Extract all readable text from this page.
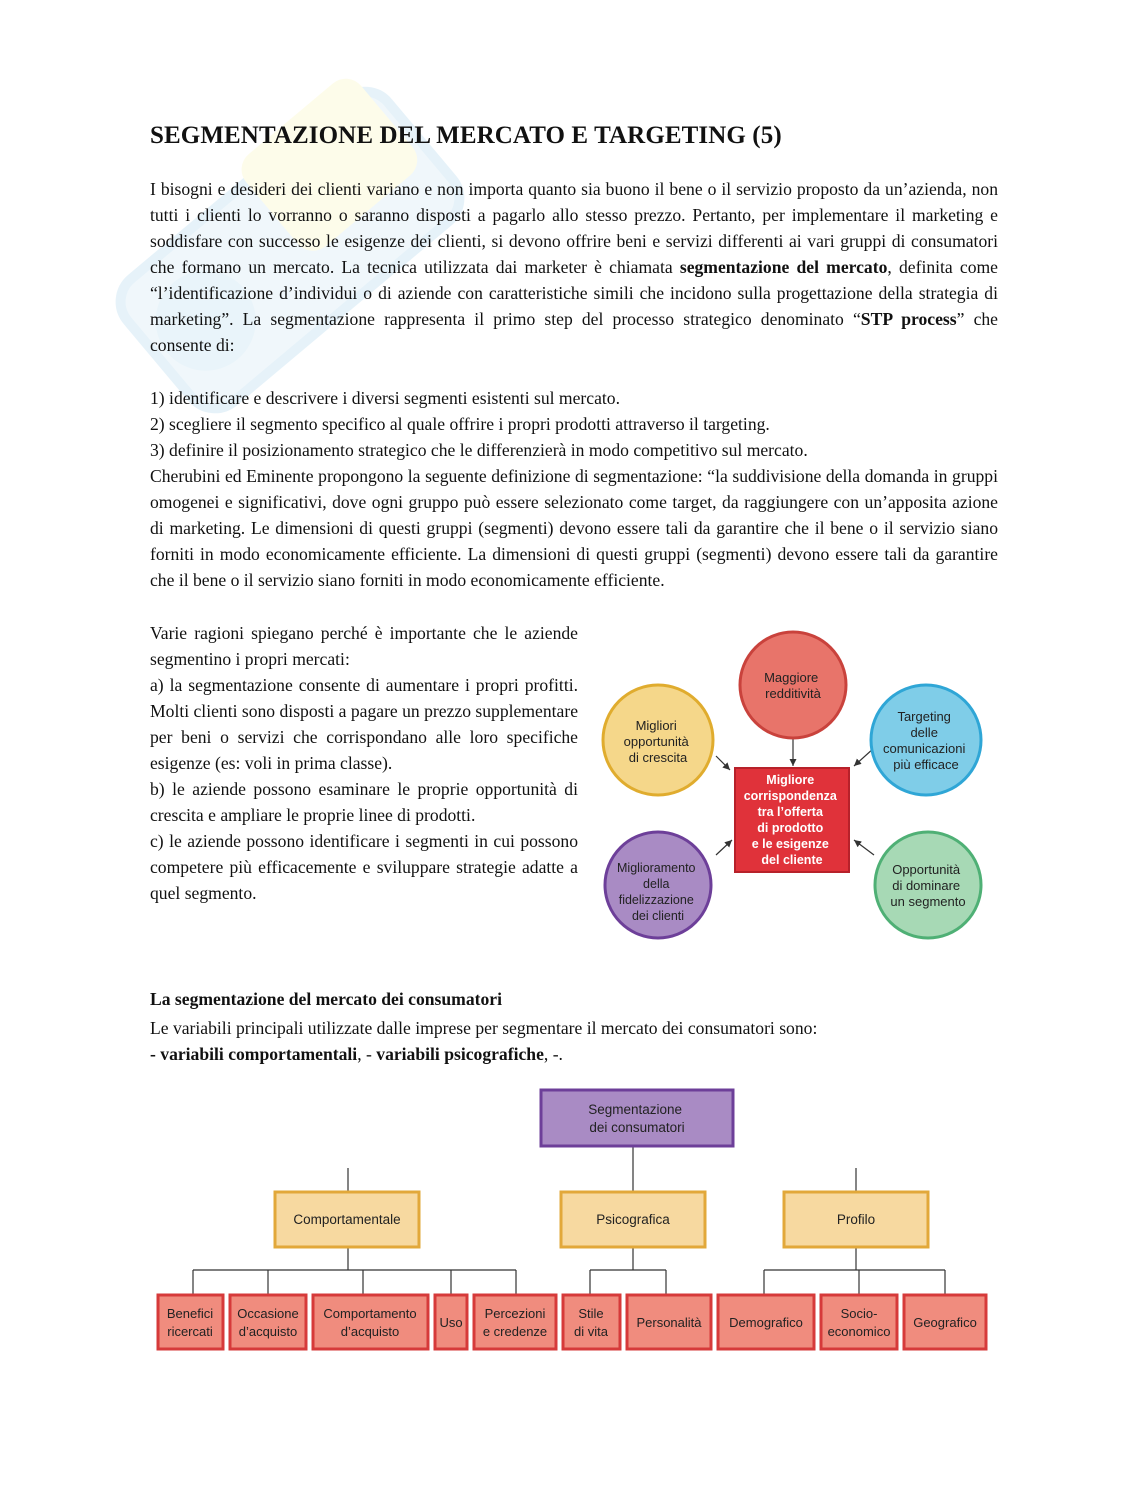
SEGMENTAZIONE DEL MERCATO E TARGETING (5)

I bisogni e desideri dei clienti variano e non importa quanto sia buono il bene o il servizio proposto da un’azienda, non tutti i clienti lo vorranno o saranno disposti a pagarlo allo stesso prezzo. Pertanto, per implementare il marketing e soddisfare con successo le esigenze dei clienti, si devono offrire beni e servizi differenti ai vari gruppi di consumatori che formano un mercato. La tecnica utilizzata dai marketer è chiamata segmentazione del mercato, definita come “l’identificazione d’individui o di aziende con caratteristiche simili che incidono sulla progettazione della strategia di marketing”. La segmentazione rappresenta il primo step del processo strategico denominato “STP process” che consente di:

1) identificare e descrivere i diversi segmenti esistenti sul mercato.
2) scegliere il segmento specifico al quale offrire i propri prodotti attraverso il targeting.
3) definire il posizionamento strategico che le differenzierà in modo competitivo sul mercato.

Cherubini ed Eminente propongono la seguente definizione di segmentazione: “la suddivisione della domanda in gruppi omogenei e significativi, dove ogni gruppo può essere selezionato come target, da raggiungere con un’apposita azione di marketing. Le dimensioni di questi gruppi (segmenti) devono essere tali da garantire che il bene o il servizio siano forniti in modo economicamente efficiente. La dimensioni di questi gruppi (segmenti) devono essere tali da garantire che il bene o il servizio siano forniti in modo economicamente efficiente.

Varie ragioni spiegano perché è importante che le aziende segmentino i propri mercati:
a) la segmentazione consente di aumentare i propri profitti. Molti clienti sono disposti a pagare un prezzo supplementare per beni o servizi che corrispondano alle loro specifiche esigenze (es: voli in prima classe).
b) le aziende possono esaminare le proprie opportunità di crescita e ampliare le proprie linee di prodotti.
c) le aziende possono identificare i segmenti in cui possono competere più efficacemente e sviluppare strategie adatte a quel segmento.
Maggiore redditività
Migliori opportunità di crescita
Targeting delle comunicazioni più efficace
Migliore corrispondenza tra l’offerta di prodotto e le esigenze del cliente
Miglioramento della fidelizzazione dei clienti
Opportunità di dominare un segmento

La segmentazione del mercato dei consumatori

Le variabili principali utilizzate dalle imprese per segmentare il mercato dei consumatori sono:
- variabili comportamentali, - variabili psicografiche, -.
Segmentazione dei consumatori
Comportamentale	Psicografica	Profilo
Benefici ricercati
Occasione d’acquisto
Comportamento d’acquisto
Uso
Percezioni e credenze
Stile di vita
Personalità Demografico
Socio-economico
Geografico
